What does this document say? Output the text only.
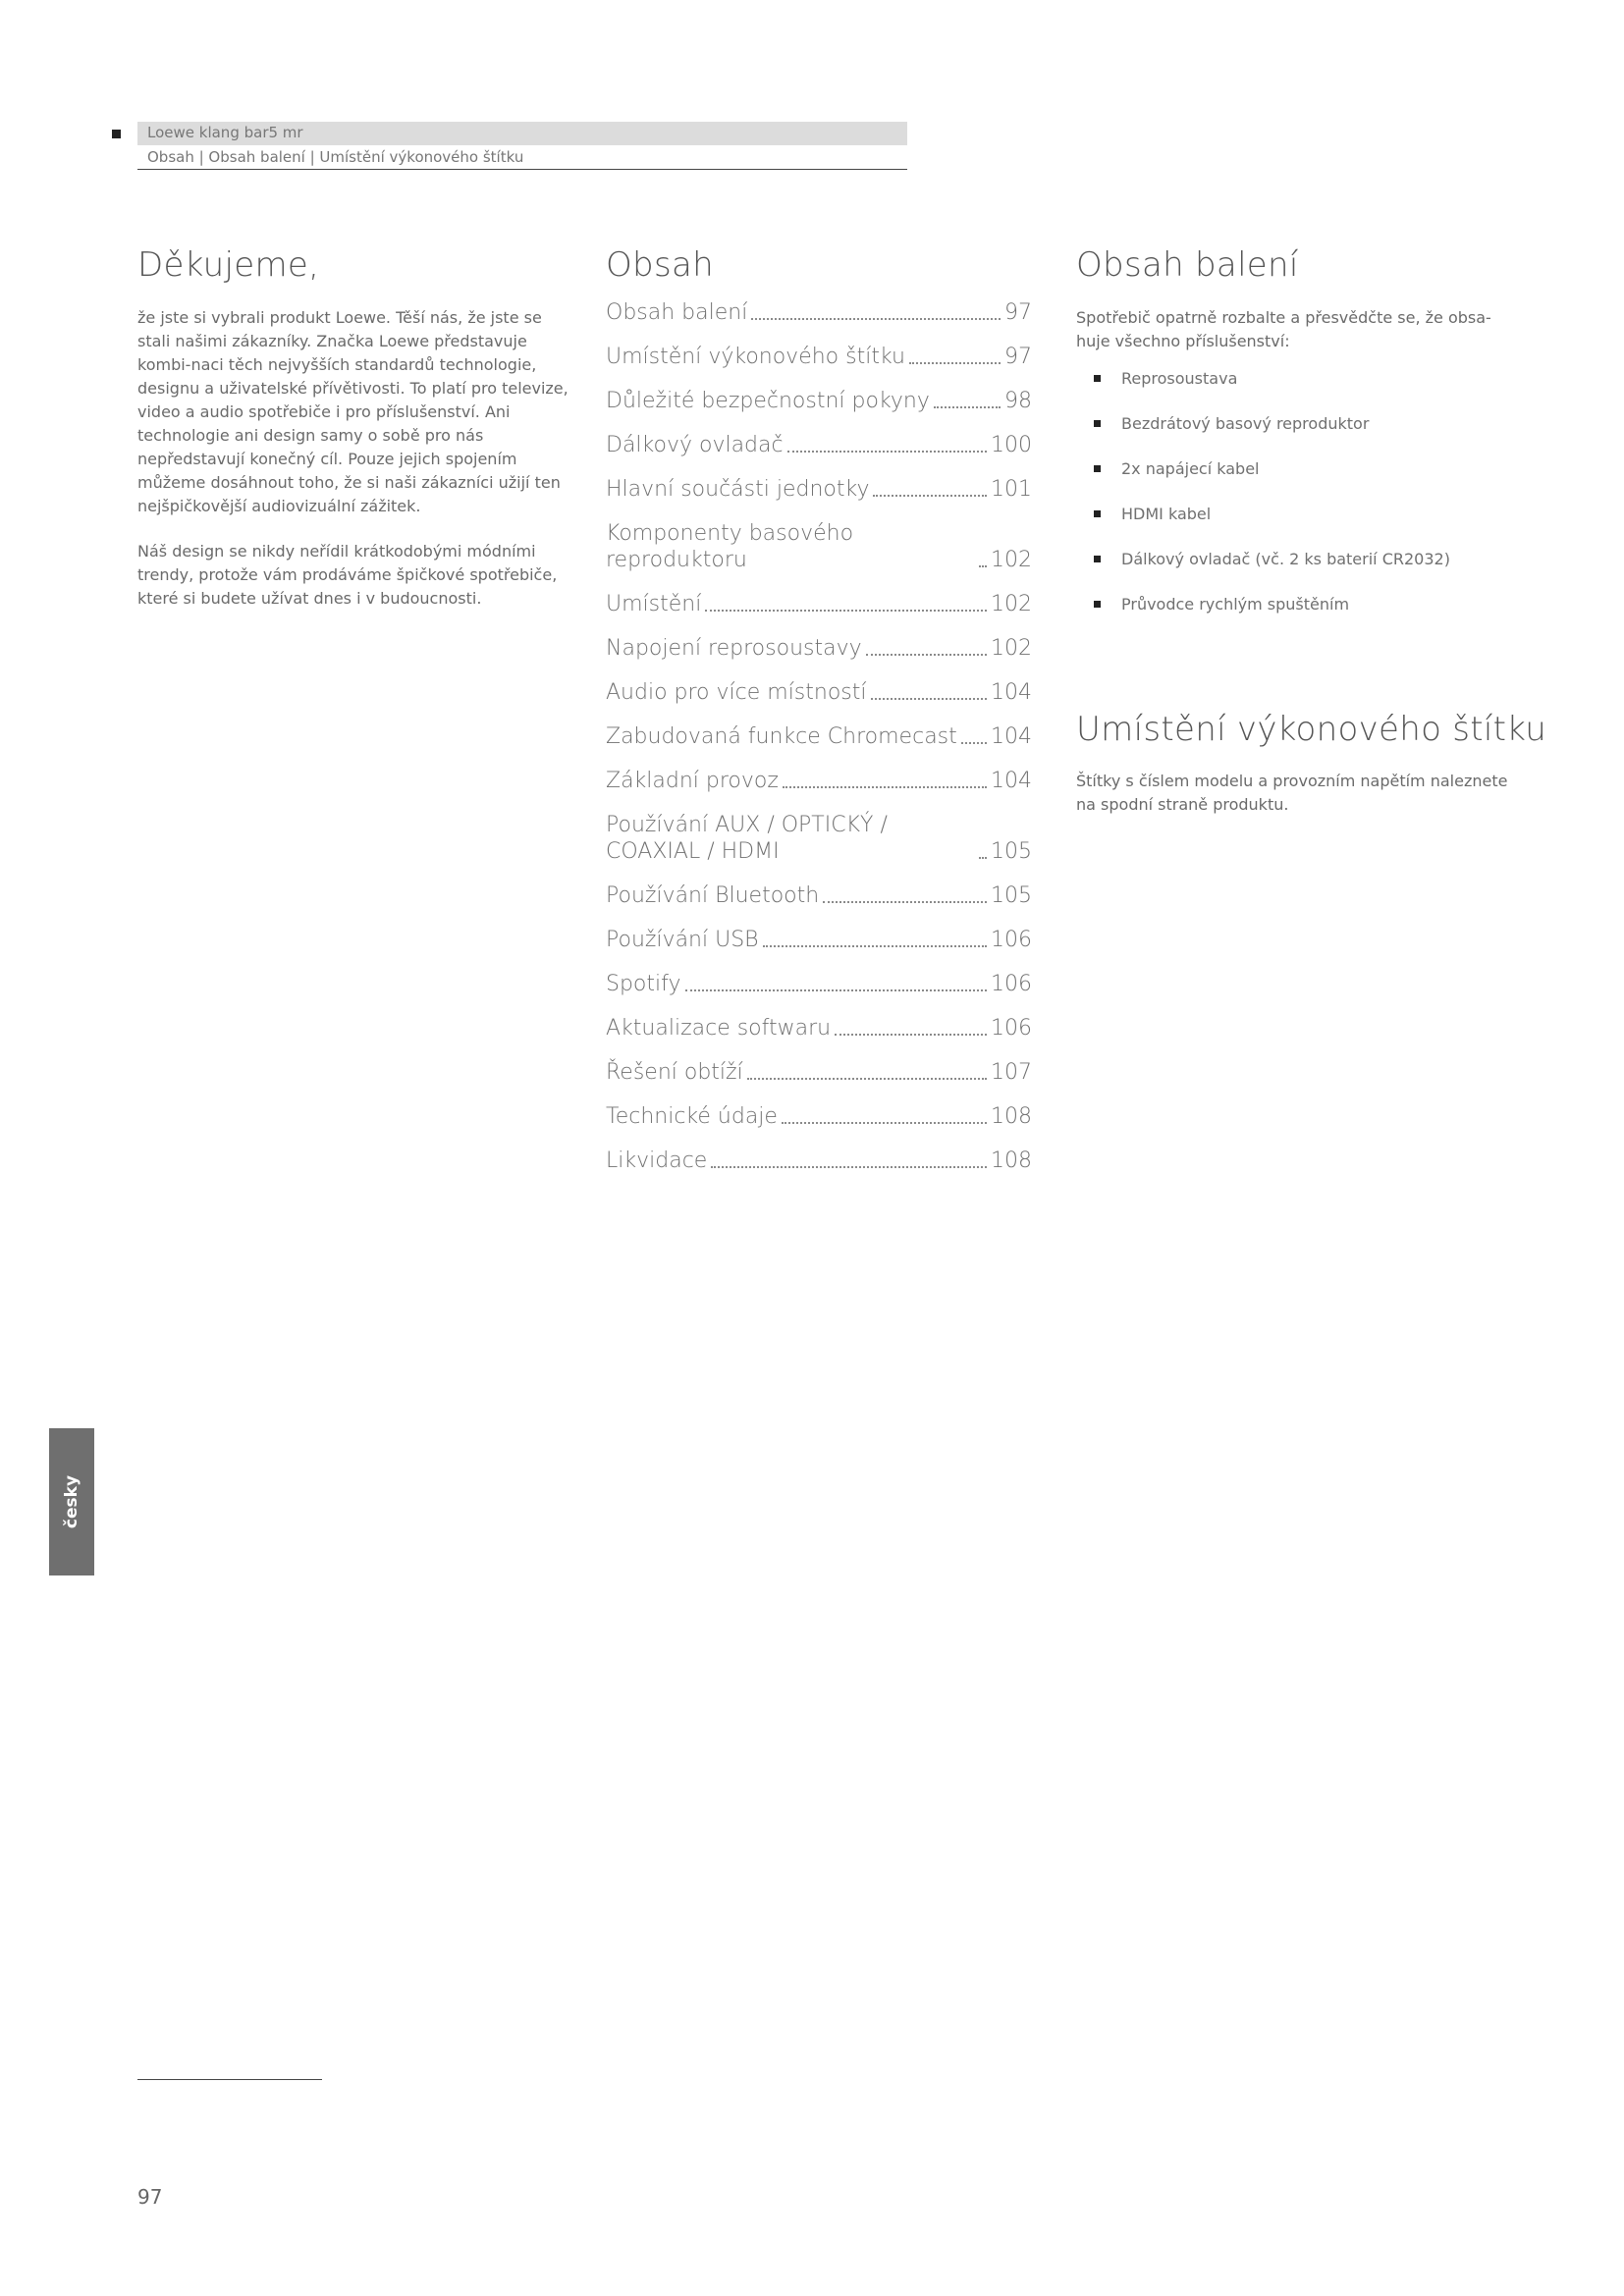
Loewe klang bar5 mr
Obsah | Obsah balení | Umístění výkonového štítku
Děkujeme,

že jste si vybrali produkt Loewe. Těší nás, že jste se stali našimi zákazníky. Značka Loewe představuje kombi-naci těch nejvyšších standardů technologie, designu a uživatelské přívětivosti. To platí pro televize, video a audio spotřebiče i pro příslušenství. Ani technologie ani design samy o sobě pro nás nepředstavují konečný cíl. Pouze jejich spojením můžeme dosáhnout toho, že si naši zákazníci užijí ten nejšpičkovější audiovizuální zážitek.

Náš design se nikdy neřídil krátkodobými módními trendy, protože vám prodáváme špičkové spotřebiče, které si budete užívat dnes i v budoucnosti.

Obsah
Obsah balení	97
Umístění výkonového štítku	97
Důležité bezpečnostní pokyny	98
Dálkový ovladač	100
Hlavní součásti jednotky	101
Komponenty basového reproduktoru	102
Umístění	102
Napojení reprosoustavy	102
Audio pro více místností	104
Zabudovaná funkce Chromecast 104
Základní provoz	104
Používání AUX / OPTICKÝ / COAXIAL / HDMI	105
Používání Bluetooth	105
Používání USB	106
Spotify	106
Aktualizace softwaru	106
Řešení obtíží	107
Technické údaje	108
Likvidace	108
Obsah balení
Spotřebič opatrně rozbalte a přesvědčte se, že obsa-huje všechno příslušenství:
Reprosoustava
Bezdrátový basový reproduktor
2x napájecí kabel
HDMI kabel
Dálkový ovladač (vč. 2 ks baterií CR2032)
Průvodce rychlým spuštěním
Umístění výkonového štítku
Štítky s číslem modelu a provozním napětím naleznete na spodní straně produktu.
česky
97
